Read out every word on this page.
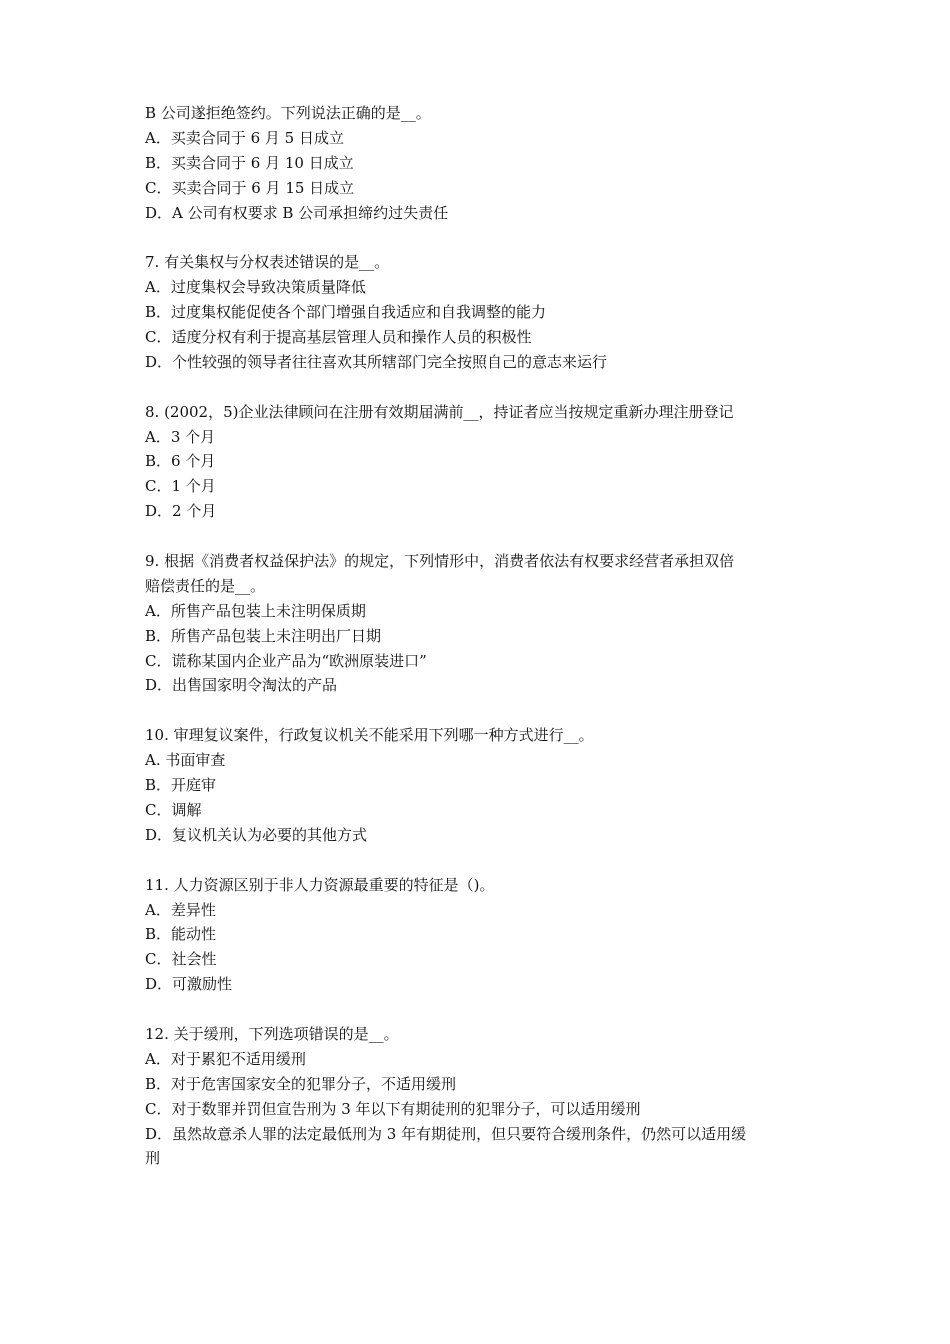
B 公司遂拒绝签约。下列说法正确的是__。
A．买卖合同于 6 月 5 日成立
B．买卖合同于 6 月 10 日成立
C．买卖合同于 6 月 15 日成立
D．A 公司有权要求 B 公司承担缔约过失责任
7. 有关集权与分权表述错误的是__。
A．过度集权会导致决策质量降低
B．过度集权能促使各个部门增强自我适应和自我调整的能力
C．适度分权有利于提高基层管理人员和操作人员的积极性
D．个性较强的领导者往往喜欢其所辖部门完全按照自己的意志来运行
8. (2002，5)企业法律顾问在注册有效期届满前__，持证者应当按规定重新办理注册登记
A．3 个月
B．6 个月
C．1 个月
D．2 个月
9. 根据《消费者权益保护法》的规定，下列情形中，消费者依法有权要求经营者承担双倍
赔偿责任的是__。
A．所售产品包装上未注明保质期
B．所售产品包装上未注明出厂日期
C．谎称某国内企业产品为“欧洲原装进口”
D．出售国家明令淘汰的产品
10. 审理复议案件，行政复议机关不能采用下列哪一种方式进行__。
A. 书面审查
B．开庭审
C．调解
D．复议机关认为必要的其他方式
11. 人力资源区别于非人力资源最重要的特征是（)。
A．差异性
B．能动性
C．社会性
D．可激励性
12. 关于缓刑，下列选项错误的是__。
A．对于累犯不适用缓刑
B．对于危害国家安全的犯罪分子，不适用缓刑
C．对于数罪并罚但宣告刑为 3 年以下有期徒刑的犯罪分子，可以适用缓刑
D．虽然故意杀人罪的法定最低刑为 3 年有期徒刑，但只要符合缓刑条件，仍然可以适用缓
刑
